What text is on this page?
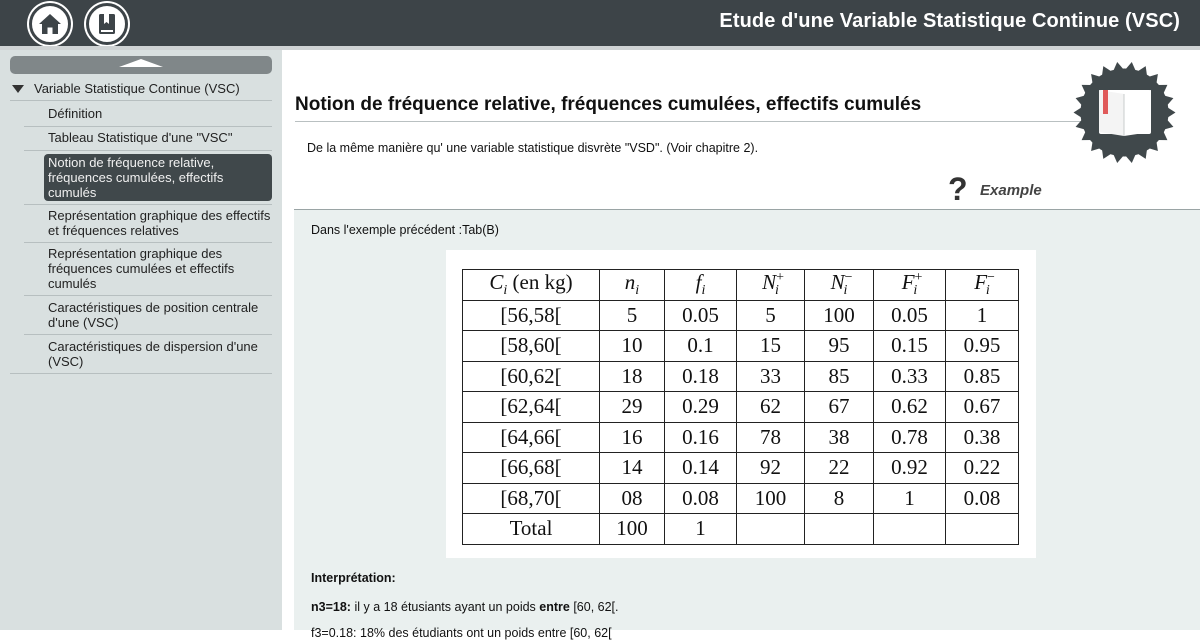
Etude d'une Variable Statistique Continue (VSC)
Variable Statistique Continue (VSC)
Définition
Tableau Statistique d'une "VSC"
Notion de fréquence relative, fréquences cumulées, effectifs cumulés
Représentation graphique des effectifs et fréquences relatives
Représentation graphique des fréquences cumulées et effectifs cumulés
Caractéristiques de position centrale d'une (VSC)
Caractéristiques de dispersion d'une (VSC)
Notion de fréquence relative, fréquences cumulées, effectifs cumulés
De la même manière qu' une variable statistique disvrète "VSD". (Voir chapitre 2).
? Example
Dans l'exemple précédent :Tab(B)
$C_i$ (en kg)	$n_i$	$f_i$	$N^+_i$	$N^-_i$	$F^+_i$	$F^-_i$
[56,58[	5	0.05	5	100	0.05	1
[58,60[	10	0.1	15	95	0.15	0.95
[60,62[	18	0.18	33	85	0.33	0.85
[62,64[	29	0.29	62	67	0.62	0.67
[64,66[	16	0.16	78	38	0.78	0.38
[66,68[	14	0.14	92	22	0.92	0.22
[68,70[	08	0.08	100	8	1	0.08
Total	100	1				
Interprétation:
n3=18: il y a 18 étusiants ayant un poids entre [60, 62[.
f3=0.18: 18% des étudiants ont un poids entre [60, 62[
